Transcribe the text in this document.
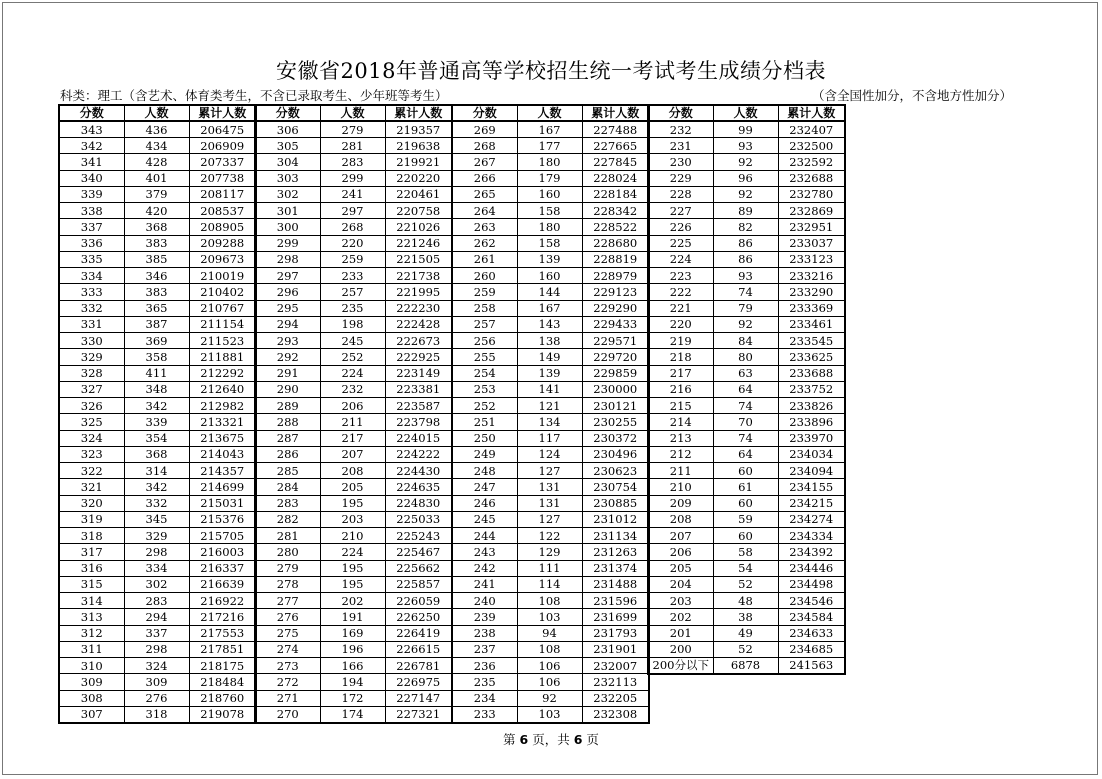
安徽省2018年普通高等学校招生统一考试考生成绩分档表
科类：理工（含艺术、体育类考生，不含已录取考生、少年班等考生）	（含全国性加分，不含地方性加分）
分数	人数	累计人数
343	436	206475
342	434	206909
341	428	207337
340	401	207738
339	379	208117
338	420	208537
337	368	208905
336	383	209288
335	385	209673
334	346	210019
333	383	210402
332	365	210767
331	387	211154
330	369	211523
329	358	211881
328	411	212292
327	348	212640
326	342	212982
325	339	213321
324	354	213675
323	368	214043
322	314	214357
321	342	214699
320	332	215031
319	345	215376
318	329	215705
317	298	216003
316	334	216337
315	302	216639
314	283	216922
313	294	217216
312	337	217553
311	298	217851
310	324	218175
309	309	218484
308	276	218760
307	318	219078
分数	人数	累计人数
306	279	219357
305	281	219638
304	283	219921
303	299	220220
302	241	220461
301	297	220758
300	268	221026
299	220	221246
298	259	221505
297	233	221738
296	257	221995
295	235	222230
294	198	222428
293	245	222673
292	252	222925
291	224	223149
290	232	223381
289	206	223587
288	211	223798
287	217	224015
286	207	224222
285	208	224430
284	205	224635
283	195	224830
282	203	225033
281	210	225243
280	224	225467
279	195	225662
278	195	225857
277	202	226059
276	191	226250
275	169	226419
274	196	226615
273	166	226781
272	194	226975
271	172	227147
270	174	227321
分数	人数	累计人数
269	167	227488
268	177	227665
267	180	227845
266	179	228024
265	160	228184
264	158	228342
263	180	228522
262	158	228680
261	139	228819
260	160	228979
259	144	229123
258	167	229290
257	143	229433
256	138	229571
255	149	229720
254	139	229859
253	141	230000
252	121	230121
251	134	230255
250	117	230372
249	124	230496
248	127	230623
247	131	230754
246	131	230885
245	127	231012
244	122	231134
243	129	231263
242	111	231374
241	114	231488
240	108	231596
239	103	231699
238	94	231793
237	108	231901
236	106	232007
235	106	232113
234	92	232205
233	103	232308
分数	人数	累计人数
232	99	232407
231	93	232500
230	92	232592
229	96	232688
228	92	232780
227	89	232869
226	82	232951
225	86	233037
224	86	233123
223	93	233216
222	74	233290
221	79	233369
220	92	233461
219	84	233545
218	80	233625
217	63	233688
216	64	233752
215	74	233826
214	70	233896
213	74	233970
212	64	234034
211	60	234094
210	61	234155
209	60	234215
208	59	234274
207	60	234334
206	58	234392
205	54	234446
204	52	234498
203	48	234546
202	38	234584
201	49	234633
200	52	234685
200分以下	6878	241563
第 6 页，共 6 页
